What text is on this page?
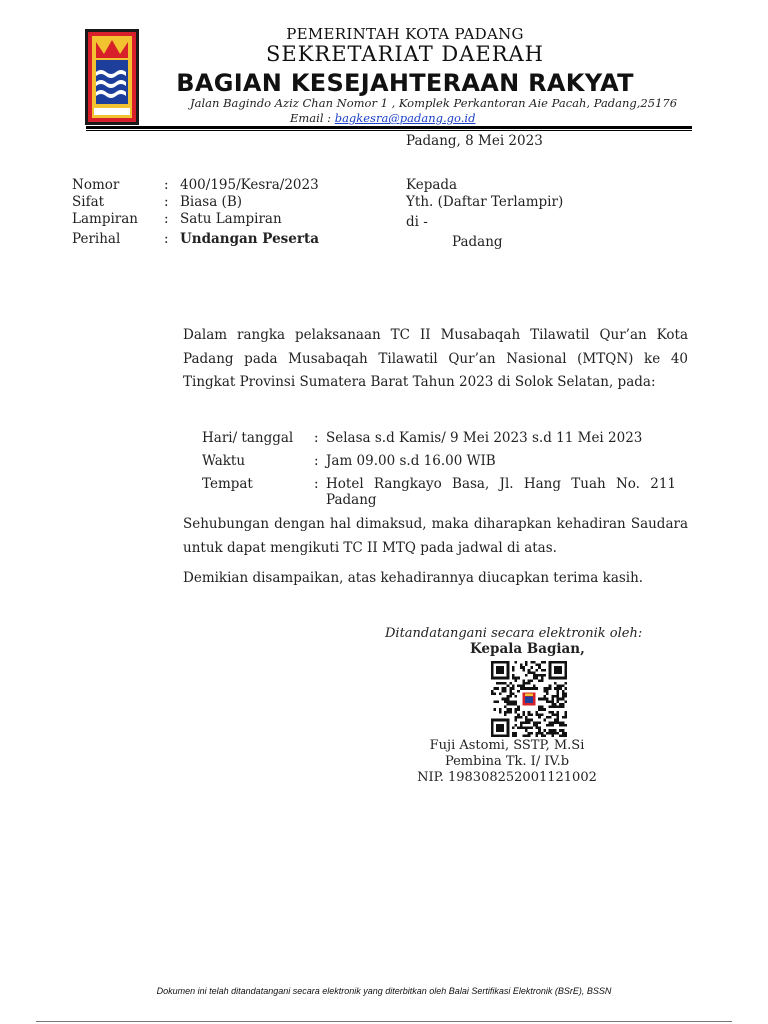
PEMERINTAH KOTA PADANG
SEKRETARIAT DAERAH
BAGIAN KESEJAHTERAAN RAKYAT
Jalan Bagindo Aziz Chan Nomor 1 , Komplek Perkantoran Aie Pacah, Padang,25176
Email : bagkesra@padang.go.id
Padang, 8 Mei 2023
Nomor	: 400/195/Kesra/2023
Sifat	: Biasa (B)
Lampiran	: Satu Lampiran
Perihal	: Undangan Peserta
Kepada
Yth. (Daftar Terlampir)
di -
Padang
Dalam rangka pelaksanaan TC II Musabaqah Tilawatil Qur’an Kota Padang pada Musabaqah Tilawatil Qur’an Nasional (MTQN) ke 40 Tingkat Provinsi Sumatera Barat Tahun 2023 di Solok Selatan, pada:
Hari/ tanggal	: Selasa s.d Kamis/ 9 Mei 2023 s.d 11 Mei 2023
Waktu	: Jam 09.00 s.d 16.00 WIB
Tempat	: Hotel Rangkayo Basa, Jl. Hang Tuah No. 211 Padang
Sehubungan dengan hal dimaksud, maka diharapkan kehadiran Saudara untuk dapat mengikuti TC II MTQ pada jadwal di atas.
Demikian disampaikan, atas kehadirannya diucapkan terima kasih.
Ditandatangani secara elektronik oleh:
Kepala Bagian,
Fuji Astomi, SSTP, M.Si
Pembina Tk. I/ IV.b
NIP. 198308252001121002
Dokumen ini telah ditandatangani secara elektronik yang diterbitkan oleh Balai Sertifikasi Elektronik (BSrE), BSSN
